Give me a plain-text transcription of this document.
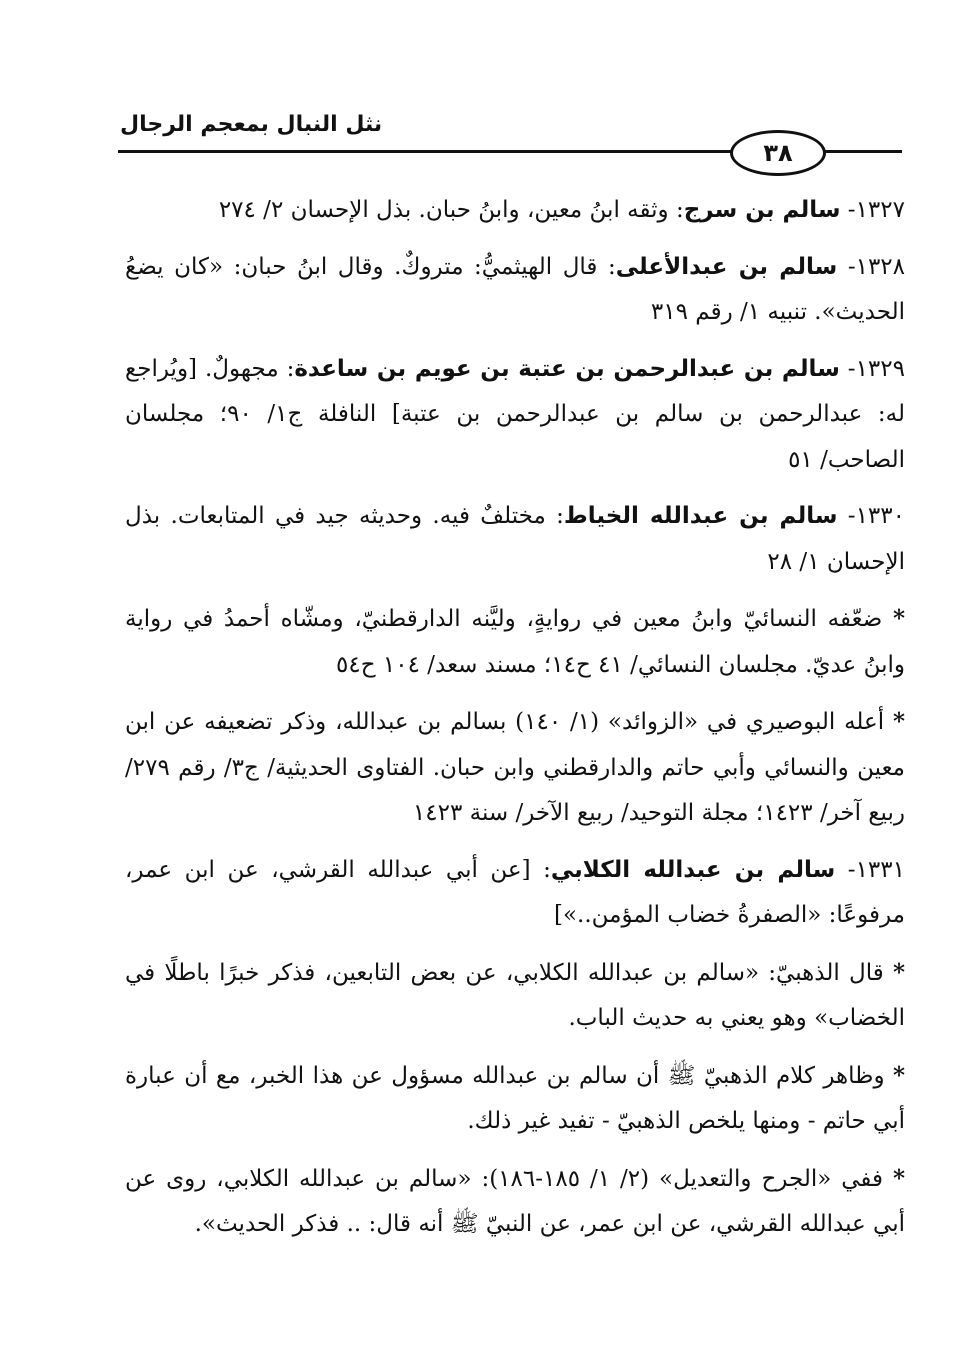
نثل النبال بمعجم الرجال
٣٨

١٣٢٧- سالم بن سرج: وثقه ابنُ معين، وابنُ حبان. بذل الإحسان ٢/ ٢٧٤

١٣٢٨- سالم بن عبدالأعلى: قال الهيثميُّ: متروكٌ. وقال ابنُ حبان: «كان يضعُ الحديث». تنبيه ١/ رقم ٣١٩

١٣٢٩- سالم بن عبدالرحمن بن عتبة بن عويم بن ساعدة: مجهولٌ. [ويُراجع له: عبدالرحمن بن سالم بن عبدالرحمن بن عتبة] النافلة ج١/ ٩٠؛ مجلسان الصاحب/ ٥١

١٣٣٠- سالم بن عبدالله الخياط: مختلفٌ فيه. وحديثه جيد في المتابعات. بذل الإحسان ١/ ٢٨

* ضعّفه النسائيّ وابنُ معين في روايةٍ، وليَّنه الدارقطنيّ، ومشّاه أحمدُ في رواية وابنُ عديّ. مجلسان النسائي/ ٤١ ح١٤؛ مسند سعد/ ١٠٤ ح٥٤

* أعله البوصيري في «الزوائد» (١/ ١٤٠) بسالم بن عبدالله، وذكر تضعيفه عن ابن معين والنسائي وأبي حاتم والدارقطني وابن حبان. الفتاوى الحديثية/ ج٣/ رقم ٢٧٩/ ربيع آخر/ ١٤٢٣؛ مجلة التوحيد/ ربيع الآخر/ سنة ١٤٢٣

١٣٣١- سالم بن عبدالله الكلابي: [عن أبي عبدالله القرشي، عن ابن عمر، مرفوعًا: «الصفرةُ خضاب المؤمن..»]

* قال الذهبيّ: «سالم بن عبدالله الكلابي، عن بعض التابعين، فذكر خبرًا باطلًا في الخضاب» وهو يعني به حديث الباب.

* وظاهر كلام الذهبيّ ﷺ أن سالم بن عبدالله مسؤول عن هذا الخبر، مع أن عبارة أبي حاتم - ومنها يلخص الذهبيّ - تفيد غير ذلك.

* ففي «الجرح والتعديل» (٢/ ١/ ١٨٥-١٨٦): «سالم بن عبدالله الكلابي، روى عن أبي عبدالله القرشي، عن ابن عمر، عن النبيّ ﷺ أنه قال: .. فذكر الحديث».
